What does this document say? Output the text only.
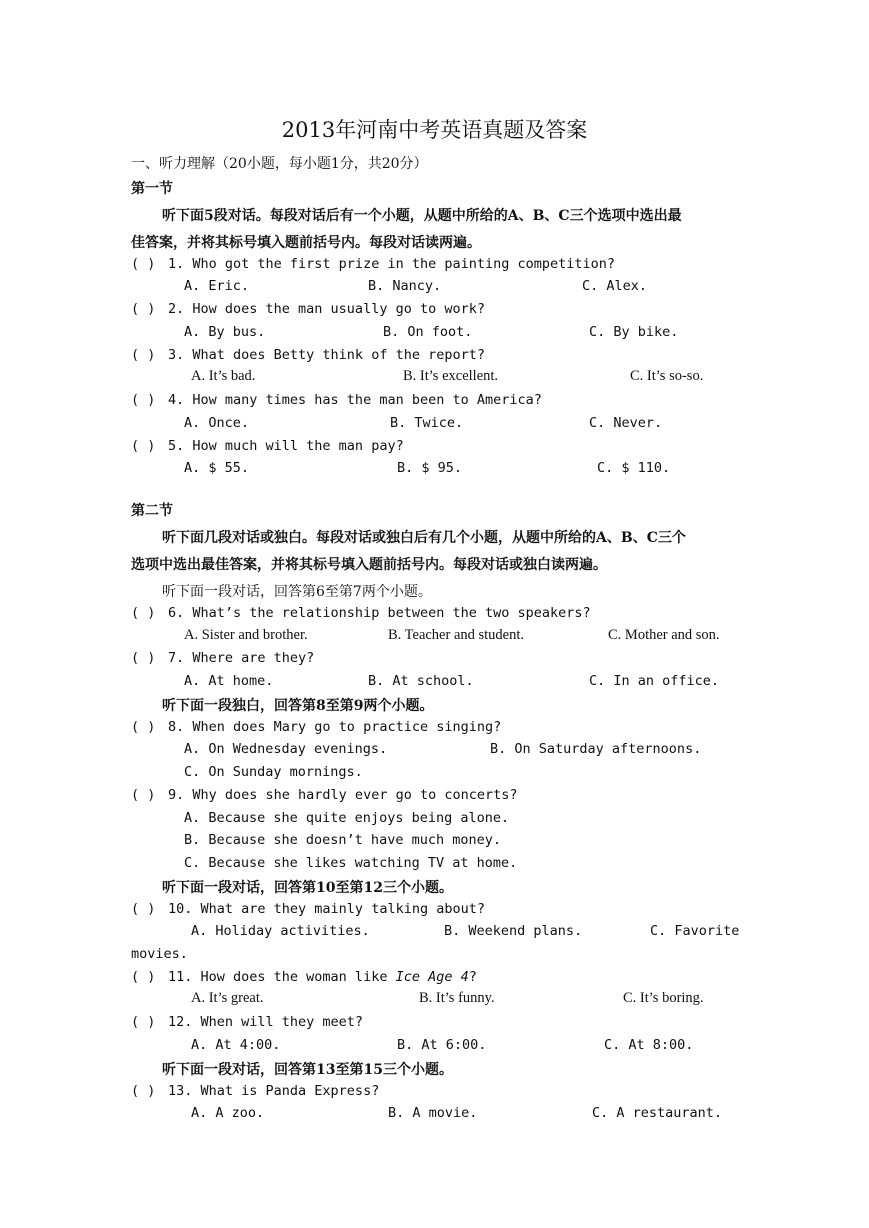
2013年河南中考英语真题及答案
一、听力理解（20小题，每小题1分，共20分）
第一节
听下面5段对话。每段对话后有一个小题，从题中所给的A、B、C三个选项中选出最
佳答案，并将其标号填入题前括号内。每段对话读两遍。
( ) 1. Who got the first prize in the painting competition?
A. Eric.	B. Nancy.	C. Alex.
( ) 2. How does the man usually go to work?
A. By bus.	B. On foot.	C. By bike.
( ) 3. What does Betty think of the report?
A. It’s bad.	B. It’s excellent.	C. It’s so-so.
( ) 4. How many times has the man been to America?
A. Once.	B. Twice.	C. Never.
( ) 5. How much will the man pay?
A. $ 55.	B. $ 95.	C. $ 110.
第二节
听下面几段对话或独白。每段对话或独白后有几个小题，从题中所给的A、B、C三个
选项中选出最佳答案，并将其标号填入题前括号内。每段对话或独白读两遍。
听下面一段对话，回答第6至第7两个小题。
( ) 6. What’s the relationship between the two speakers?
A. Sister and brother.	B. Teacher and student.	C. Mother and son.
( ) 7. Where are they?
A. At home.	B. At school.	C. In an office.
听下面一段独白，回答第8至第9两个小题。
( ) 8. When does Mary go to practice singing?
A. On Wednesday evenings.	B. On Saturday afternoons.
C. On Sunday mornings.
( ) 9. Why does she hardly ever go to concerts?
A. Because she quite enjoys being alone.
B. Because she doesn’t have much money.
C. Because she likes watching TV at home.
听下面一段对话，回答第10至第12三个小题。
( ) 10. What are they mainly talking about?
A. Holiday activities.	B. Weekend plans.	C. Favorite
movies.
( ) 11. How does the woman like Ice Age 4?
A. It’s great.	B. It’s funny.	C. It’s boring.
( ) 12. When will they meet?
A. At 4:00.	B. At 6:00.	C. At 8:00.
听下面一段对话，回答第13至第15三个小题。
( ) 13. What is Panda Express?
A. A zoo.	B. A movie.	C. A restaurant.
